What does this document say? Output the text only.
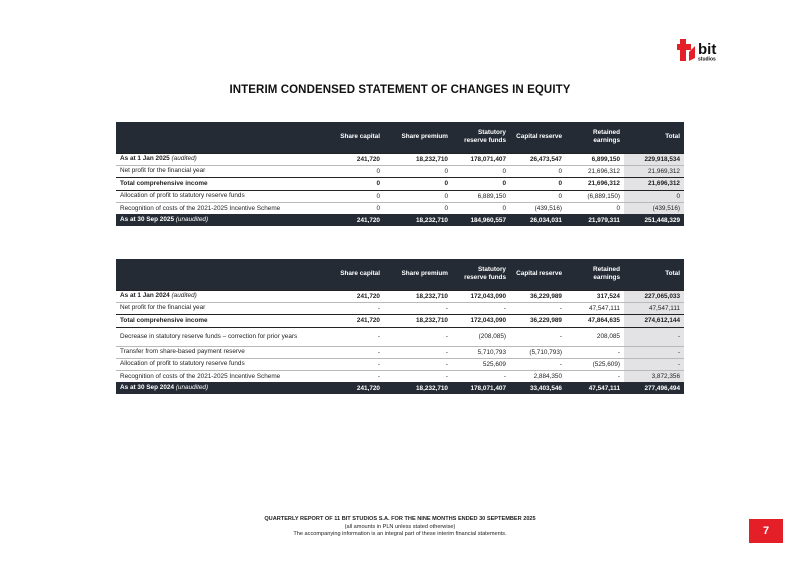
bit
studios
INTERIM CONDENSED STATEMENT OF CHANGES IN EQUITY
	Share capital	Share premium	Statutory reserve funds	Capital reserve	Retained earnings	Total
As at 1 Jan 2025 (audited)	241,720	18,232,710	178,071,407	26,473,547	6,899,150	229,918,534
Net profit for the financial year	0	0	0	0	21,696,312	21,969,312
Total comprehensive income	0	0	0	0	21,696,312	21,696,312
Allocation of profit to statutory reserve funds	0	0	6,889,150	0	(6,889,150)	0
Recognition of costs of the 2021-2025 Incentive Scheme	0	0	0	(439,516)	0	(439,516)
As at 30 Sep 2025 (unaudited)	241,720	18,232,710	184,960,557	26,034,031	21,979,311	251,448,329
	Share capital	Share premium	Statutory reserve funds	Capital reserve	Retained earnings	Total
As at 1 Jan 2024 (audited)	241,720	18,232,710	172,043,090	36,229,989	317,524	227,065,033
Net profit for the financial year	-	-	-	-	47,547,111	47,547,111
Total comprehensive income	241,720	18,232,710	172,043,090	36,229,989	47,864,635	274,612,144
Decrease in statutory reserve funds – correction for prior years	-	-	(208,085)	-	208,085	-
Transfer from share-based payment reserve	-	-	5,710,793	(5,710,793)	-	-
Allocation of profit to statutory reserve funds	-	-	525,609	-	(525,609)	-
Recognition of costs of the 2021-2025 Incentive Scheme	-	-	-	2,884,350	-	3,872,356
As at 30 Sep 2024 (unaudited)	241,720	18,232,710	178,071,407	33,403,546	47,547,111	277,496,494
QUARTERLY REPORT OF 11 BIT STUDIOS S.A. FOR THE NINE MONTHS ENDED 30 SEPTEMBER 2025
(all amounts in PLN unless stated otherwise)
The accompanying information is an integral part of these interim financial statements.	7
